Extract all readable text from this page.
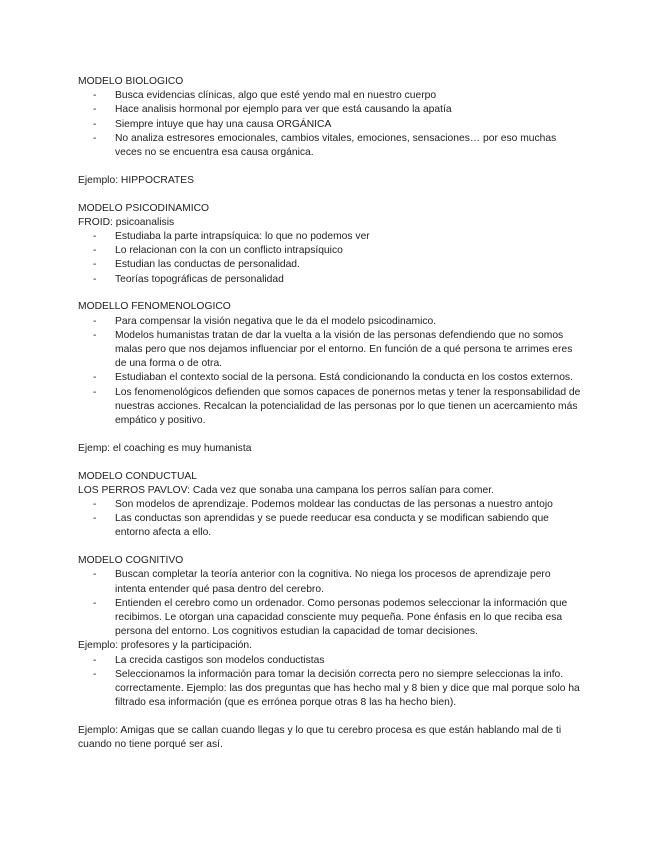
MODELO BIOLOGICO

- Busca evidencias clínicas, algo que esté yendo mal en nuestro cuerpo
- Hace analisis hormonal por ejemplo para ver que está causando la apatía
- Siempre intuye que hay una causa ORGÁNICA
- No analiza estresores emocionales, cambios vitales, emociones, sensaciones… por eso muchas veces no se encuentra esa causa orgánica.

Ejemplo: HIPPOCRATES

MODELO PSICODINAMICO

FROID: psicoanalisis

- Estudiaba la parte intrapsíquica: lo que no podemos ver
- Lo relacionan con la con un conflicto intrapsíquico
- Estudian las conductas de personalidad.
- Teorías topográficas de personalidad

MODELLO FENOMENOLOGICO

- Para compensar la visión negativa que le da el modelo psicodinamico.
- Modelos humanistas tratan de dar la vuelta a la visión de las personas defendiendo que no somos malas pero que nos dejamos influenciar por el entorno. En función de a qué persona te arrimes eres de una forma o de otra.
- Estudiaban el contexto social de la persona. Está condicionando la conducta en los costos externos.
- Los fenomenológicos defienden que somos capaces de ponernos metas y tener la responsabilidad de nuestras acciones. Recalcan la potencialidad de las personas por lo que tienen un acercamiento más empático y positivo.

Ejemp: el coaching es muy humanista

MODELO CONDUCTUAL

LOS PERROS PAVLOV: Cada vez que sonaba una campana los perros salían para comer.

- Son modelos de aprendizaje. Podemos moldear las conductas de las personas a nuestro antojo
- Las conductas son aprendidas y se puede reeducar esa conducta y se modifican sabiendo que entorno afecta a ello.

MODELO COGNITIVO

- Buscan completar la teoría anterior con la cognitiva. No niega los procesos de aprendizaje pero intenta entender qué pasa dentro del cerebro.
- Entienden el cerebro como un ordenador. Como personas podemos seleccionar la información que recibimos. Le otorgan una capacidad consciente muy pequeña. Pone énfasis en lo que reciba esa persona del entorno. Los cognitivos estudian la capacidad de tomar decisiones.

Ejemplo: profesores y la participación.

- La crecida castigos son modelos conductistas
- Seleccionamos la información para tomar la decisión correcta pero no siempre seleccionas la info. correctamente. Ejemplo: las dos preguntas que has hecho mal y 8 bien y dice que mal porque solo ha filtrado esa información (que es errónea porque otras 8 las ha hecho bien).

Ejemplo: Amigas que se callan cuando llegas y lo que tu cerebro procesa es que están hablando mal de ti cuando no tiene porqué ser así.
